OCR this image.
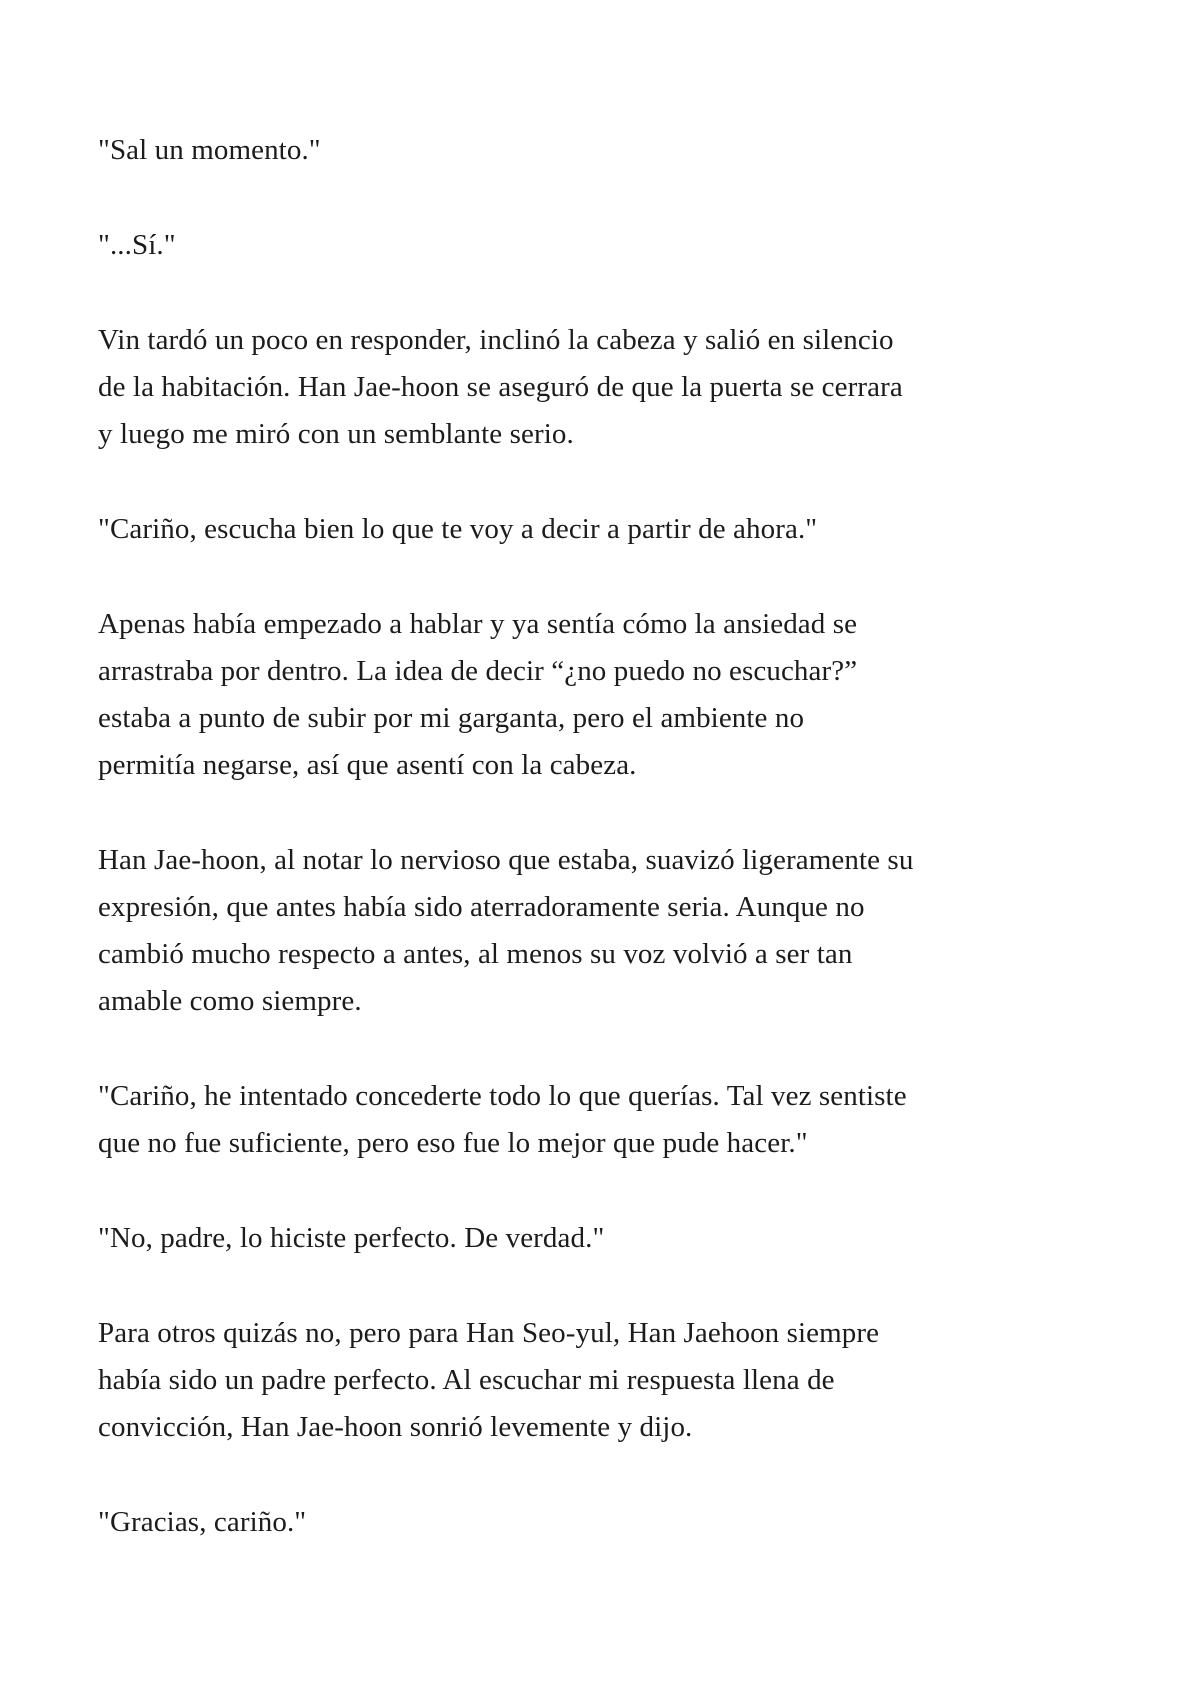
"Sal un momento."
"...Sí."
Vin tardó un poco en responder, inclinó la cabeza y salió en silencio
de la habitación. Han Jae-hoon se aseguró de que la puerta se cerrara
y luego me miró con un semblante serio.
"Cariño, escucha bien lo que te voy a decir a partir de ahora."
Apenas había empezado a hablar y ya sentía cómo la ansiedad se
arrastraba por dentro. La idea de decir “¿no puedo no escuchar?”
estaba a punto de subir por mi garganta, pero el ambiente no
permitía negarse, así que asentí con la cabeza.
Han Jae-hoon, al notar lo nervioso que estaba, suavizó ligeramente su
expresión, que antes había sido aterradoramente seria. Aunque no
cambió mucho respecto a antes, al menos su voz volvió a ser tan
amable como siempre.
"Cariño, he intentado concederte todo lo que querías. Tal vez sentiste
que no fue suficiente, pero eso fue lo mejor que pude hacer."
"No, padre, lo hiciste perfecto. De verdad."
Para otros quizás no, pero para Han Seo-yul, Han Jaehoon siempre
había sido un padre perfecto. Al escuchar mi respuesta llena de
convicción, Han Jae-hoon sonrió levemente y dijo.
"Gracias, cariño."
